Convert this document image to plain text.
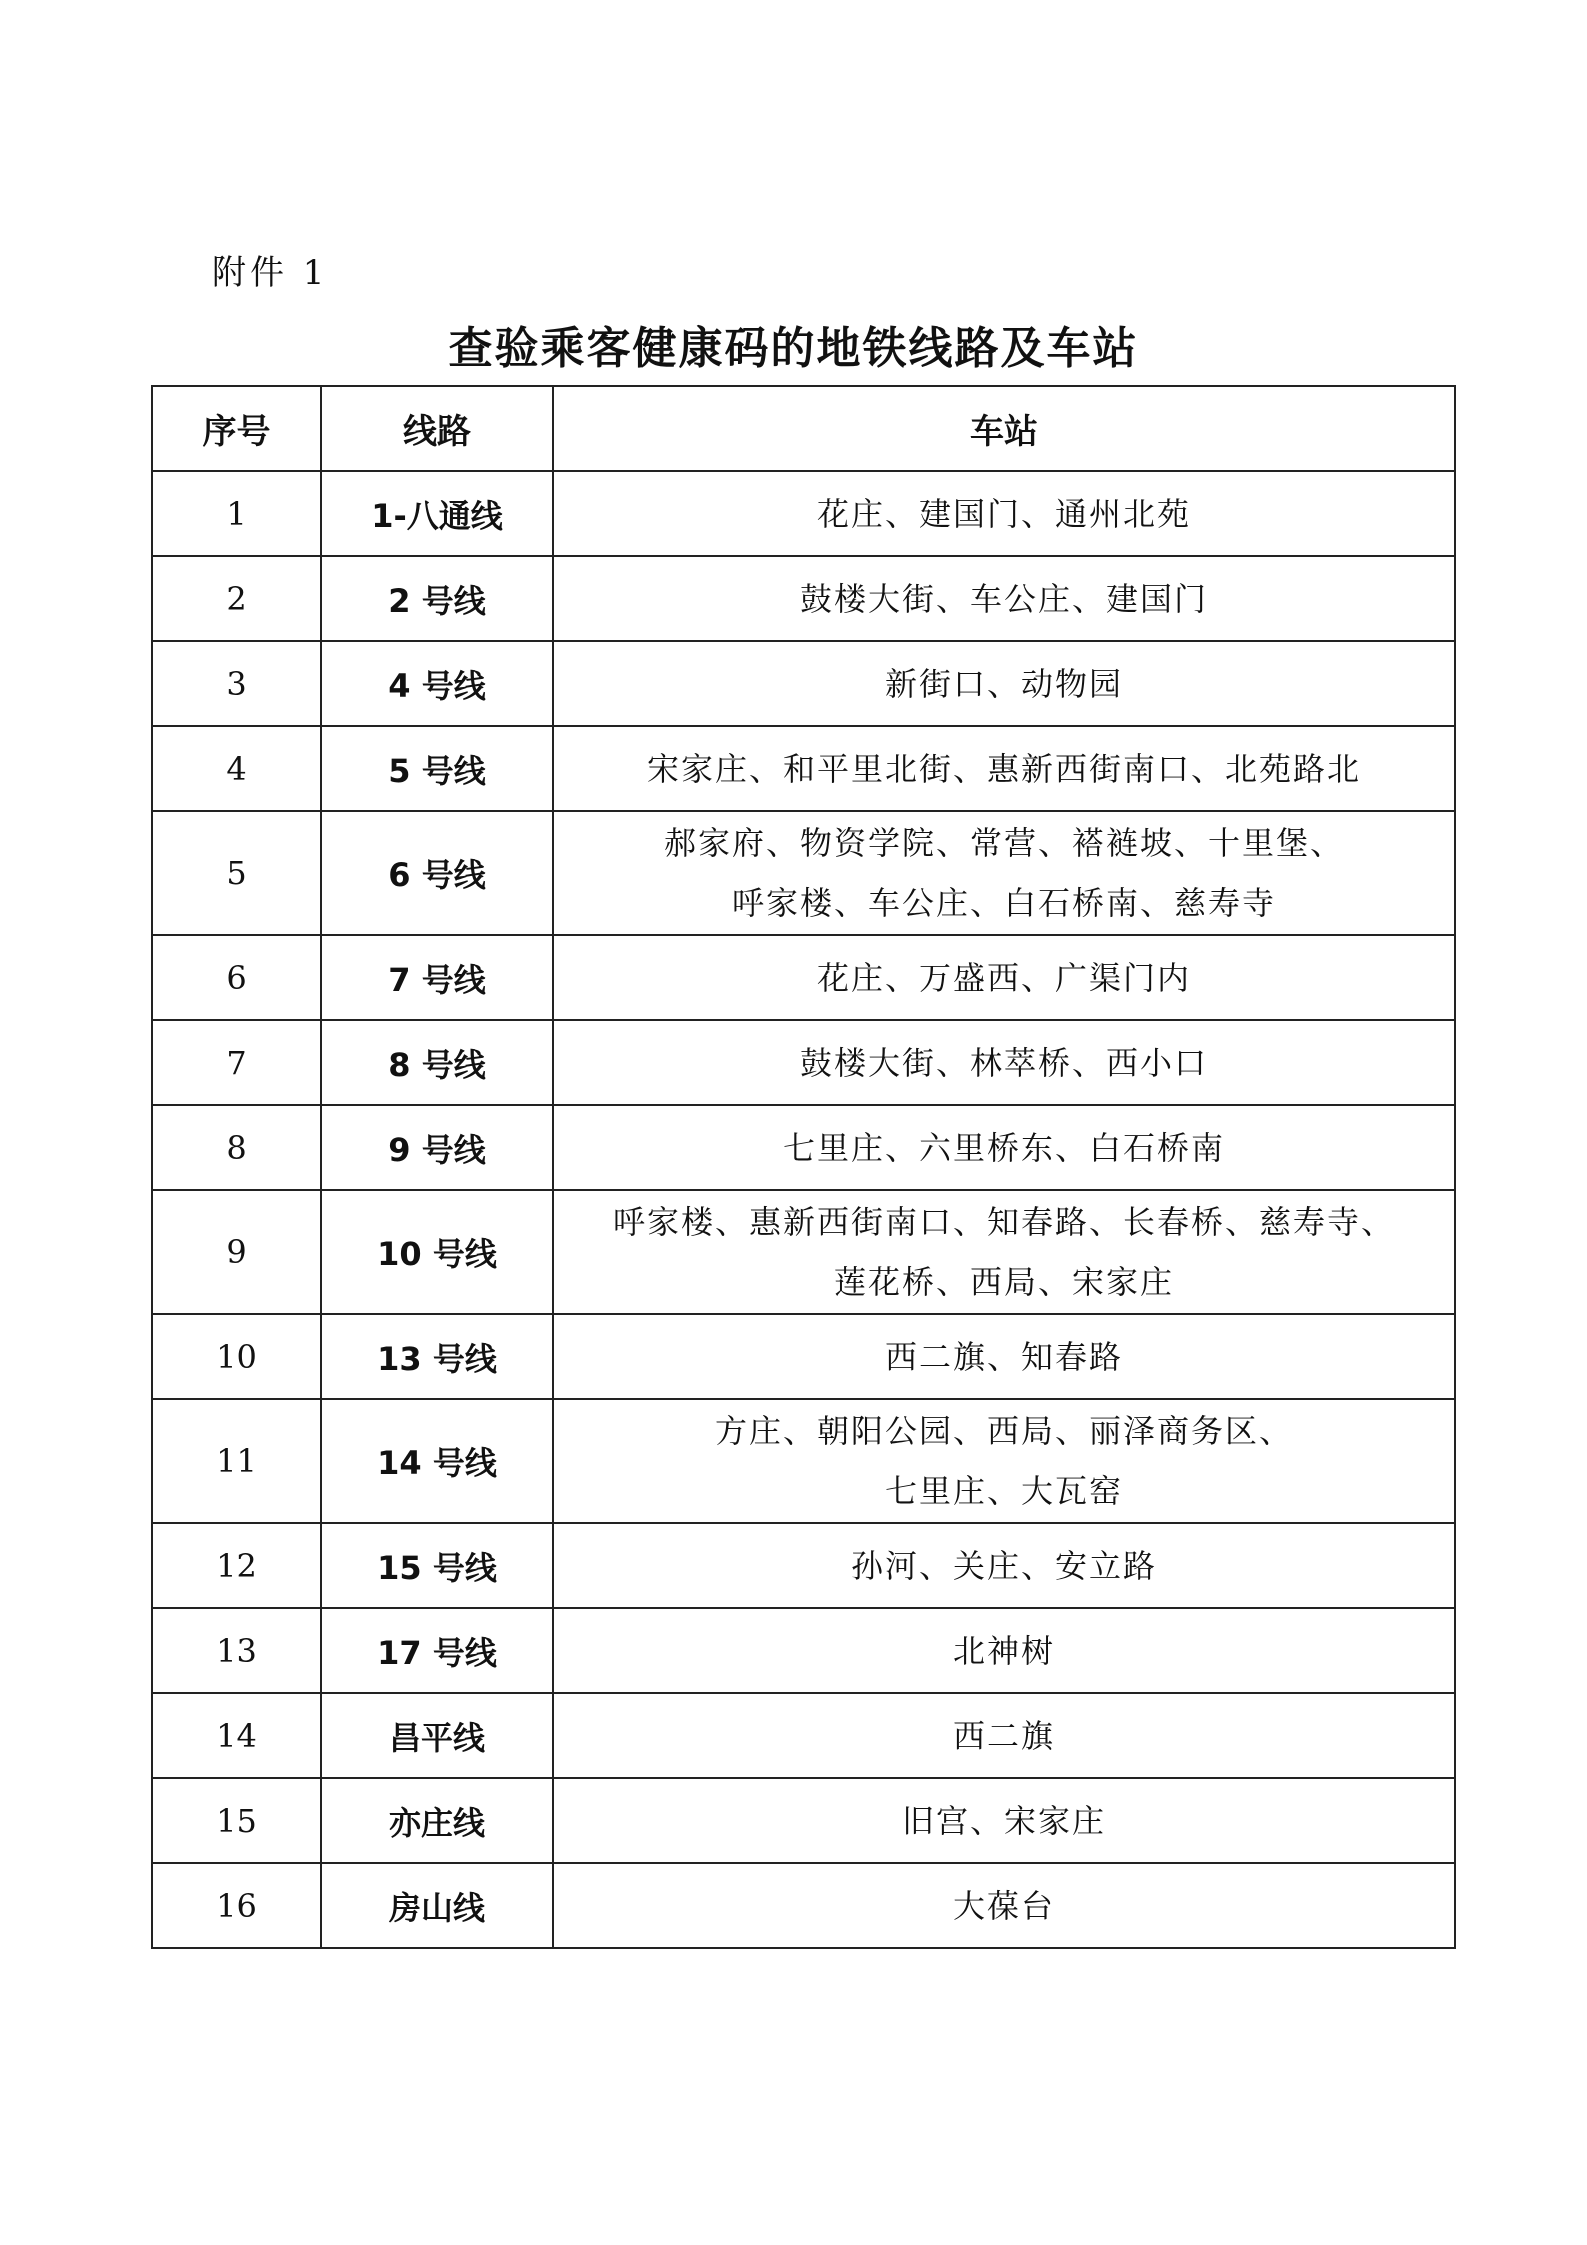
附件 1
查验乘客健康码的地铁线路及车站
序号	线路	车站
1	1-八通线	花庄、建国门、通州北苑

2	2 号线	鼓楼大街、车公庄、建国门

3	4 号线	新街口、动物园

4	5 号线	宋家庄、和平里北街、惠新西街南口、北苑路北

5	6 号线	郝家府、物资学院、常营、褡裢坡、十里堡、
呼家楼、车公庄、白石桥南、慈寿寺

6	7 号线	花庄、万盛西、广渠门内

7	8 号线	鼓楼大街、林萃桥、西小口

8	9 号线	七里庄、六里桥东、白石桥南

9	10 号线	呼家楼、惠新西街南口、知春路、长春桥、慈寿寺、
莲花桥、西局、宋家庄

10	13 号线	西二旗、知春路

11	14 号线	方庄、朝阳公园、西局、丽泽商务区、
七里庄、大瓦窑

12	15 号线	孙河、关庄、安立路

13	17 号线	北神树

14	昌平线	西二旗

15	亦庄线	旧宫、宋家庄

16	房山线	大葆台
